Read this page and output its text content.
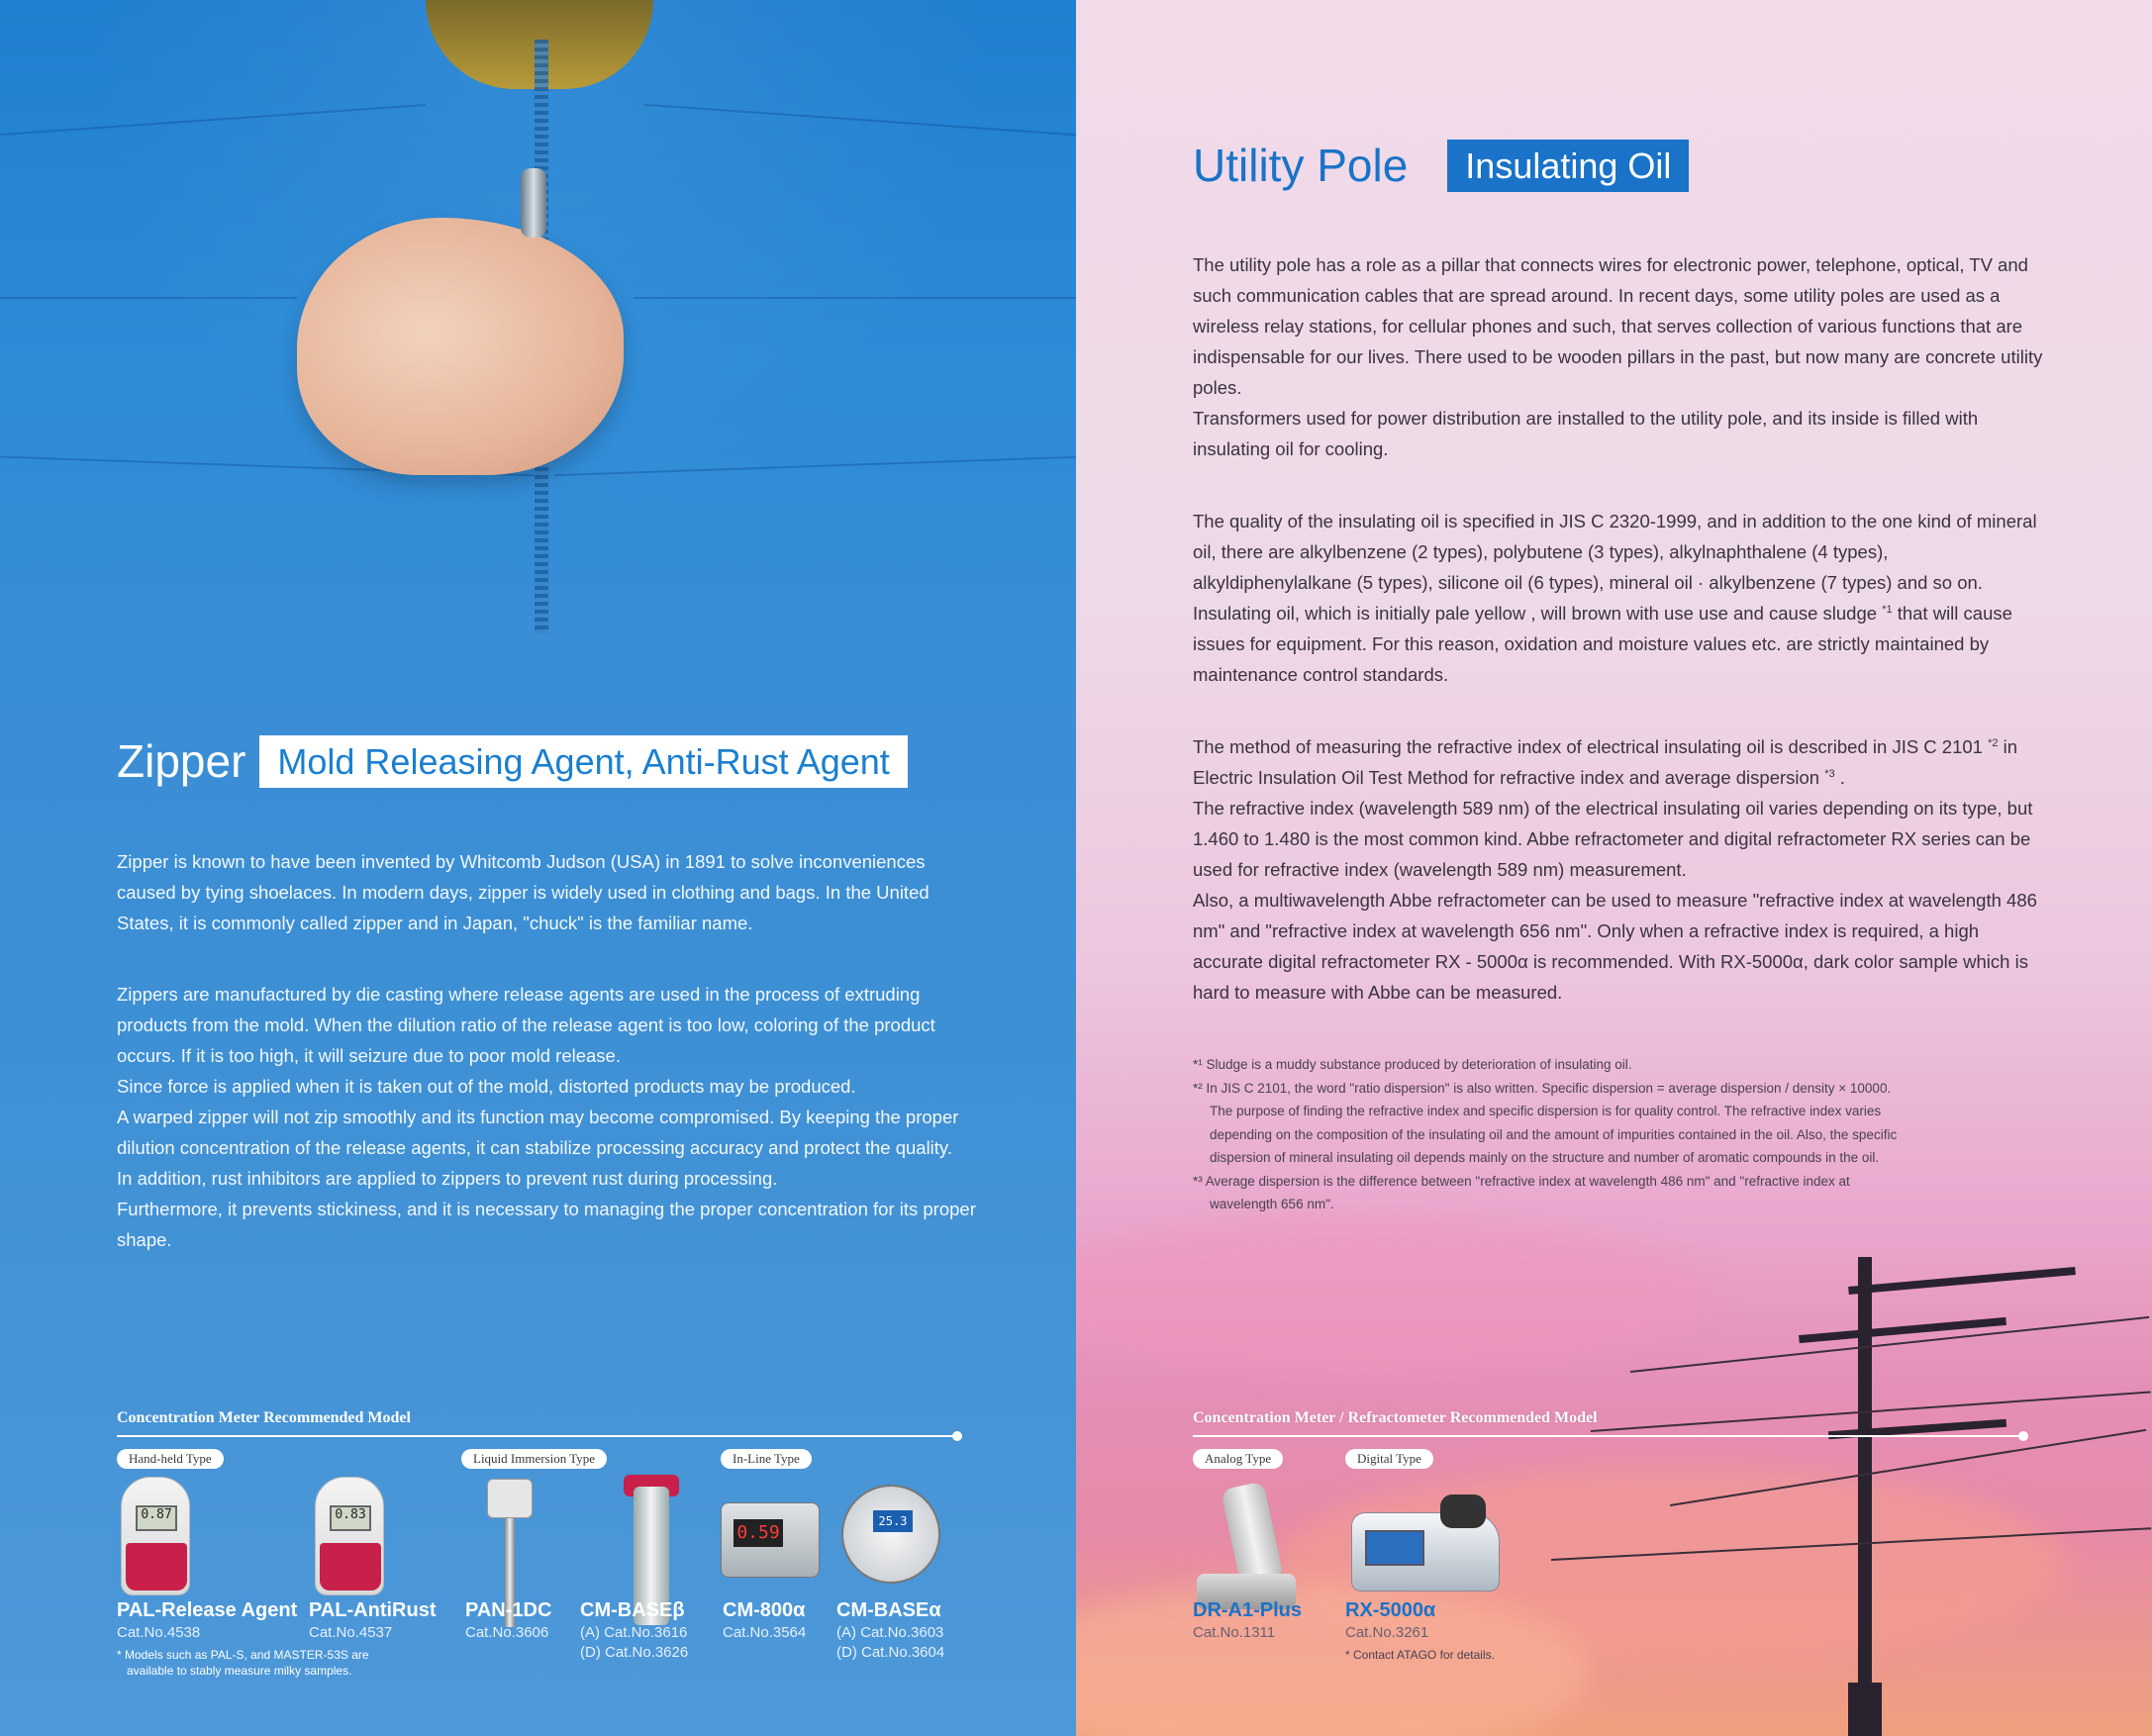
Zipper Mold Releasing Agent, Anti-Rust Agent

Zipper is known to have been invented by Whitcomb Judson (USA) in 1891 to solve inconveniences caused by tying shoelaces. In modern days, zipper is widely used in clothing and bags. In the United States, it is commonly called zipper and in Japan, "chuck" is the familiar name.

Zippers are manufactured by die casting where release agents are used in the process of extruding products from the mold. When the dilution ratio of the release agent is too low, coloring of the product occurs. If it is too high, it will seizure due to poor mold release.

Since force is applied when it is taken out of the mold, distorted products may be produced.

A warped zipper will not zip smoothly and its function may become compromised. By keeping the proper dilution concentration of the release agents, it can stabilize processing accuracy and protect the quality.

In addition, rust inhibitors are applied to zippers to prevent rust during processing.

Furthermore, it prevents stickiness, and it is necessary to managing the proper concentration for its proper shape.

Concentration Meter Recommended Model
Hand-held Type	Liquid Immersion Type	In-Line Type
0.87	0.83
0.59
25.3
PAL-Release Agent
Cat.No.4538
PAL-AntiRust
Cat.No.4537
PAN-1DC
Cat.No.3606
CM-BASEβ
(A) Cat.No.3616
(D) Cat.No.3626
CM-800α
Cat.No.3564
CM-BASEα
(A) Cat.No.3603
(D) Cat.No.3604
* Models such as PAL-S, and MASTER-53S are
available to stably measure milky samples.
Utility Pole	Insulating Oil

The utility pole has a role as a pillar that connects wires for electronic power, telephone, optical, TV and such communication cables that are spread around. In recent days, some utility poles are used as a wireless relay stations, for cellular phones and such, that serves collection of various functions that are indispensable for our lives. There used to be wooden pillars in the past, but now many are concrete utility poles.

Transformers used for power distribution are installed to the utility pole, and its inside is filled with insulating oil for cooling.

The quality of the insulating oil is specified in JIS C 2320-1999, and in addition to the one kind of mineral oil, there are alkylbenzene (2 types), polybutene (3 types), alkylnaphthalene (4 types), alkyldiphenylalkane (5 types), silicone oil (6 types), mineral oil · alkylbenzene (7 types) and so on. Insulating oil, which is initially pale yellow , will brown with use use and cause sludge $^{*1}$ that will cause issues for equipment. For this reason, oxidation and moisture values etc. are strictly maintained by maintenance control standards.

The method of measuring the refractive index of electrical insulating oil is described in JIS C 2101 $^{*2}$ in Electric Insulation Oil Test Method for refractive index and average dispersion $^{*3}$ .

The refractive index (wavelength 589 nm) of the electrical insulating oil varies depending on its type, but 1.460 to 1.480 is the most common kind. Abbe refractometer and digital refractometer RX series can be used for refractive index (wavelength 589 nm) measurement.

Also, a multiwavelength Abbe refractometer can be used to measure "refractive index at wavelength 486 nm" and "refractive index at wavelength 656 nm". Only when a refractive index is required, a high accurate digital refractometer RX - 5000α is recommended. With RX-5000α, dark color sample which is hard to measure with Abbe can be measured.

*¹ Sludge is a muddy substance produced by deterioration of insulating oil.
*² In JIS C 2101, the word "ratio dispersion" is also written. Specific dispersion = average dispersion / density × 10000.
The purpose of finding the refractive index and specific dispersion is for quality control. The refractive index varies
depending on the composition of the insulating oil and the amount of impurities contained in the oil. Also, the specific
dispersion of mineral insulating oil depends mainly on the structure and number of aromatic compounds in the oil.
*³ Average dispersion is the difference between "refractive index at wavelength 486 nm" and "refractive index at
wavelength 656 nm".
Concentration Meter / Refractometer Recommended Model
Analog Type	Digital Type
DR-A1-Plus
Cat.No.1311
RX-5000α
Cat.No.3261
* Contact ATAGO for details.
